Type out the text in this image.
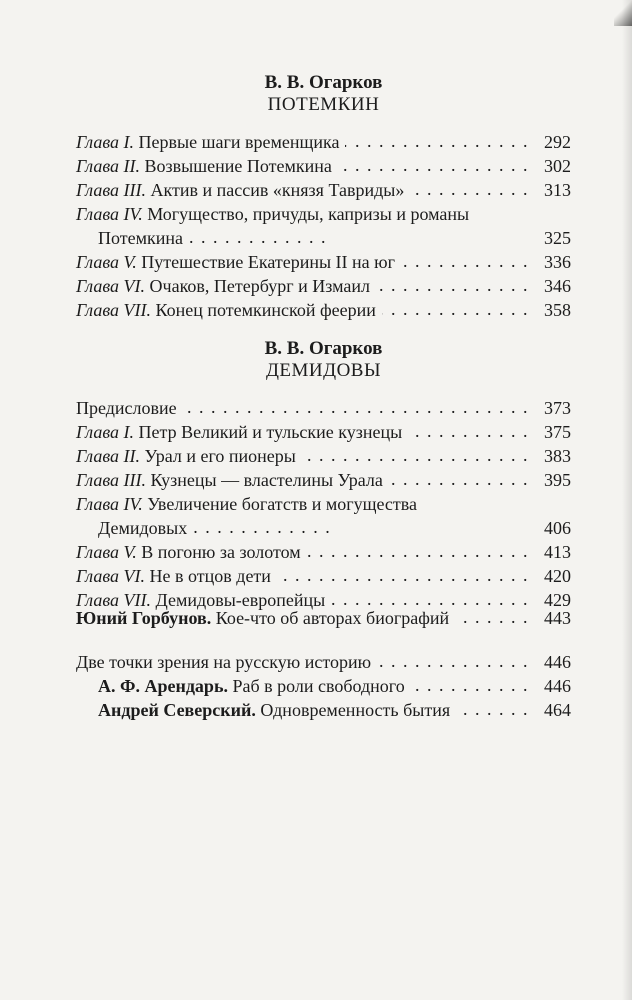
В. В. Огарков
ПОТЕМКИН
Глава I. Первые шаги временщика . . .	292
Глава II. Возвышение Потемкина . . .	302
Глава III. Актив и пассив «князя Тавриды» . . .	313
Глава IV. Могущество, причуды, капризы и романы
Потемкина . . .	325
Глава V. Путешествие Екатерины II на юг . . .	336
Глава VI. Очаков, Петербург и Измаил . . .	346
Глава VII. Конец потемкинской феерии . . .	358
В. В. Огарков
ДЕМИДОВЫ
Предисловие . . .	373
Глава I. Петр Великий и тульские кузнецы . . .	375
Глава II. Урал и его пионеры . . .	383
Глава III. Кузнецы — властелины Урала . . .	395
Глава IV. Увеличение богатств и могущества
Демидовых . . .	406
Глава V. В погоню за золотом . . .	413
Глава VI. Не в отцов дети . . .	420
Глава VII. Демидовы-европейцы . . .	429
Юний Горбунов. Кое-что об авторах биографий . . .	443
Две точки зрения на русскую историю . . .	446
А. Ф. Арендарь. Раб в роли свободного . . .	446
Андрей Северский. Одновременность бытия . . .	464
